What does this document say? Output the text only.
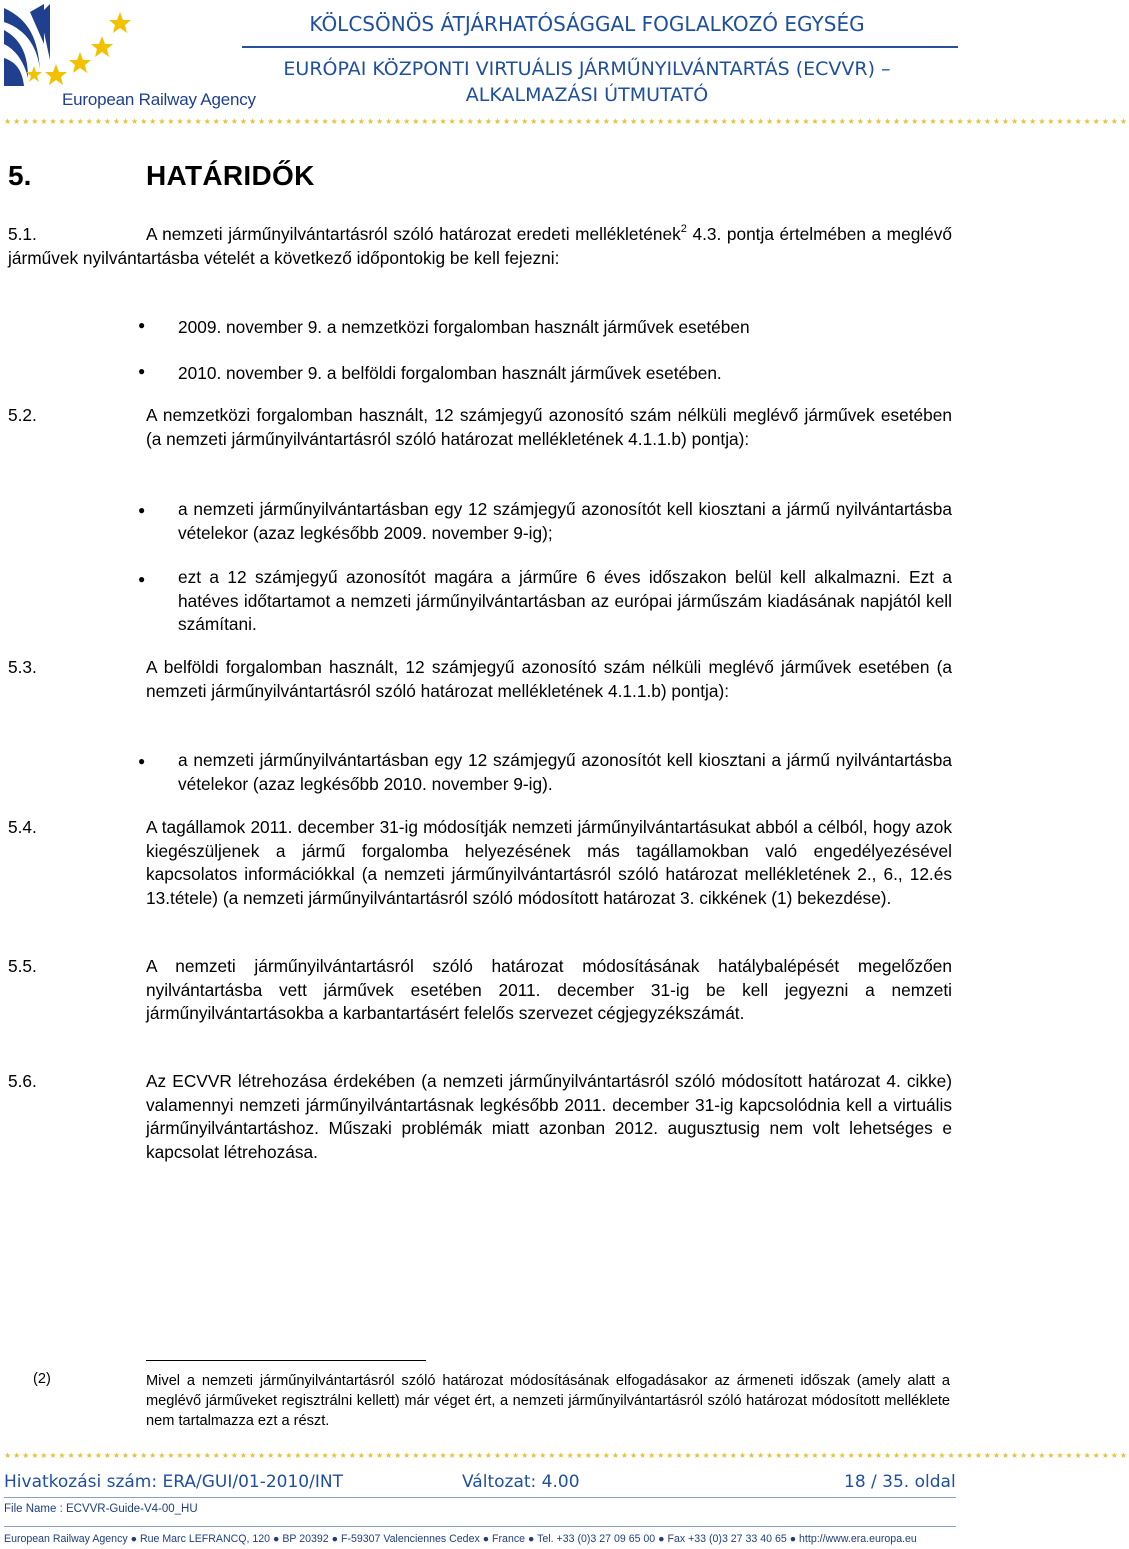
European Railway Agency
KÖLCSÖNÖS ÁTJÁRHATÓSÁGGAL FOGLALKOZÓ EGYSÉG
EURÓPAI KÖZPONTI VIRTUÁLIS JÁRMŰNYILVÁNTARTÁS (ECVVR) –
ALKALMAZÁSI ÚTMUTATÓ
★★★★★★★★★★★★★★★★★★★★★★★★★★★★★★★★★★★★★★★★★★★★★★★★★★★★★★★★★★★★★★★★★★★★★★★★★★★★★★★★★★★★★★★★★★★★★★★★★★★★★★★★★★★★★★★★★★★★★★★★★★★★
5.	HATÁRIDŐK
5.1.	A nemzeti járműnyilvántartásról szóló határozat eredeti mellékletének$^2$ 4.3. pontja értelmében a meglévő járművek nyilvántartásba vételét a következő időpontokig be kell fejezni:
● 2009. november 9. a nemzetközi forgalomban használt járművek esetében
● 2010. november 9. a belföldi forgalomban használt járművek esetében.
5.2.	A nemzetközi forgalomban használt, 12 számjegyű azonosító szám nélküli meglévő járművek esetében (a nemzeti járműnyilvántartásról szóló határozat mellékletének 4.1.1.b) pontja):
● a nemzeti járműnyilvántartásban egy 12 számjegyű azonosítót kell kiosztani a jármű nyilvántartásba vételekor (azaz legkésőbb 2009. november 9-ig);
● ezt a 12 számjegyű azonosítót magára a járműre 6 éves időszakon belül kell alkalmazni. Ezt a hatéves időtartamot a nemzeti járműnyilvántartásban az európai járműszám kiadásának napjától kell számítani.
5.3.	A belföldi forgalomban használt, 12 számjegyű azonosító szám nélküli meglévő járművek esetében (a nemzeti járműnyilvántartásról szóló határozat mellékletének 4.1.1.b) pontja):
● a nemzeti járműnyilvántartásban egy 12 számjegyű azonosítót kell kiosztani a jármű nyilvántartásba vételekor (azaz legkésőbb 2010. november 9-ig).
5.4.	A tagállamok 2011. december 31-ig módosítják nemzeti járműnyilvántartásukat abból a célból, hogy azok kiegészüljenek a jármű forgalomba helyezésének más tagállamokban való engedélyezésével kapcsolatos információkkal (a nemzeti járműnyilvántartásról szóló határozat mellékletének 2., 6., 12.és 13.tétele) (a nemzeti járműnyilvántartásról szóló módosított határozat 3. cikkének (1) bekezdése).
5.5.	A nemzeti járműnyilvántartásról szóló határozat módosításának hatálybalépését megelőzően nyilvántartásba vett járművek esetében 2011. december 31-ig be kell jegyezni a nemzeti járműnyilvántartásokba a karbantartásért felelős szervezet cégjegyzékszámát.
5.6.	Az ECVVR létrehozása érdekében (a nemzeti járműnyilvántartásról szóló módosított határozat 4. cikke) valamennyi nemzeti járműnyilvántartásnak legkésőbb 2011. december 31-ig kapcsolódnia kell a virtuális járműnyilvántartáshoz. Műszaki problémák miatt azonban 2012. augusztusig nem volt lehetséges e kapcsolat létrehozása.
(2)	Mivel a nemzeti járműnyilvántartásról szóló határozat módosításának elfogadásakor az ármeneti időszak (amely alatt a meglévő járműveket regisztrálni kellett) már véget ért, a nemzeti járműnyilvántartásról szóló határozat módosított melléklete nem tartalmazza ezt a részt.
★★★★★★★★★★★★★★★★★★★★★★★★★★★★★★★★★★★★★★★★★★★★★★★★★★★★★★★★★★★★★★★★★★★★★★★★★★★★★★★★★★★★★★★★★★★★★★★★★★★★★★★★★★★★★★★★★★★★★★★★★★★★
Hivatkozási szám: ERA/GUI/01-2010/INT	Változat: 4.00	18 / 35. oldal
File Name : ECVVR-Guide-V4-00_HU
European Railway Agency ● Rue Marc LEFRANCQ, 120 ● BP 20392 ● F-59307 Valenciennes Cedex ● France ● Tel. +33 (0)3 27 09 65 00 ● Fax +33 (0)3 27 33 40 65 ● http://www.era.europa.eu
